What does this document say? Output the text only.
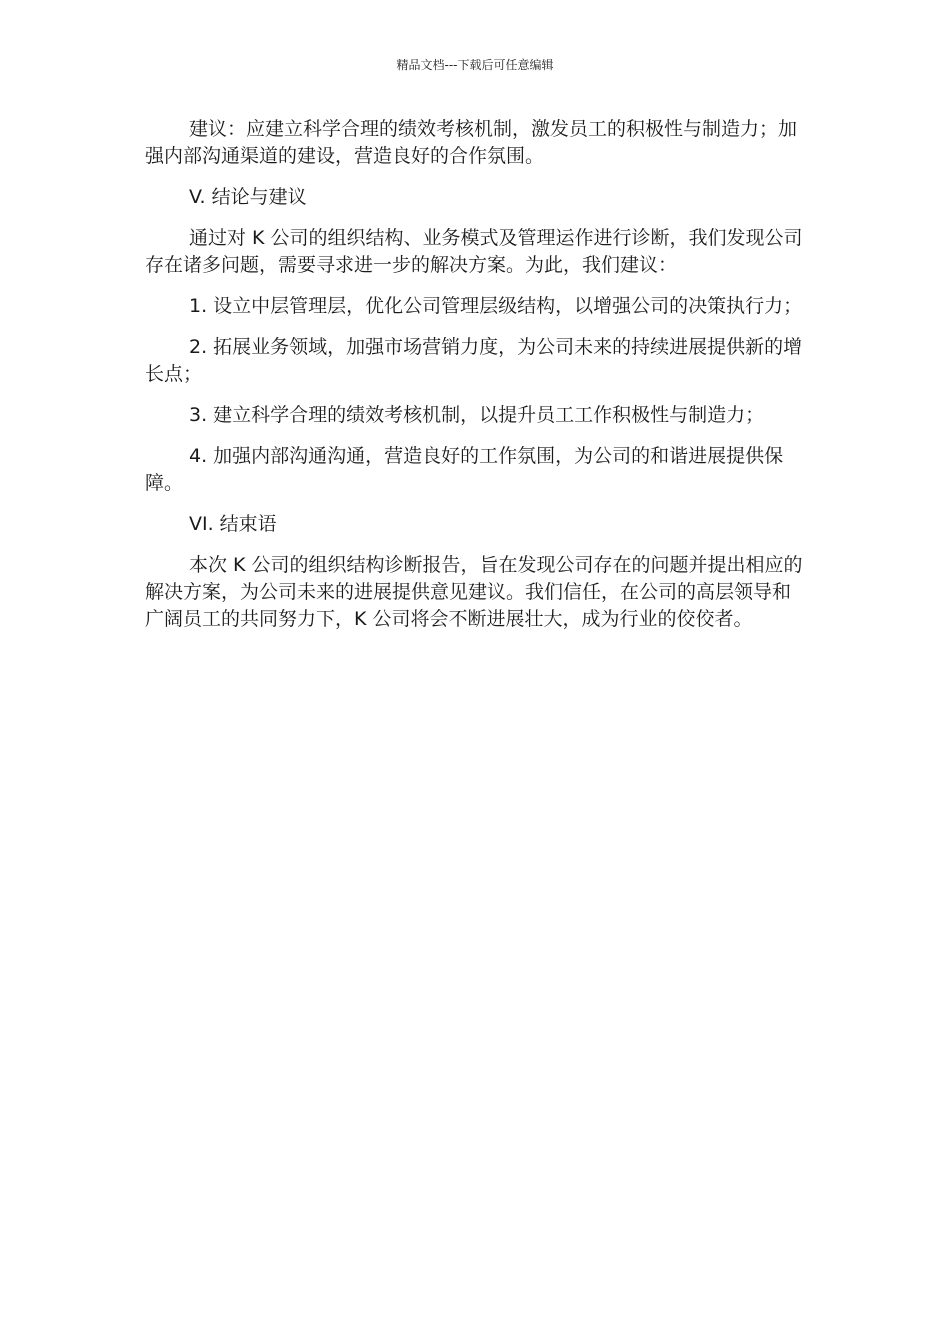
精品文档---下载后可任意编辑

建议：应建立科学合理的绩效考核机制，激发员工的积极性与制造力；加强内部沟通渠道的建设，营造良好的合作氛围。

V. 结论与建议

通过对 K 公司的组织结构、业务模式及管理运作进行诊断，我们发现公司存在诸多问题，需要寻求进一步的解决方案。为此，我们建议：

1. 设立中层管理层，优化公司管理层级结构，以增强公司的决策执行力；

2. 拓展业务领域，加强市场营销力度，为公司未来的持续进展提供新的增长点；

3. 建立科学合理的绩效考核机制，以提升员工工作积极性与制造力；

4. 加强内部沟通沟通，营造良好的工作氛围，为公司的和谐进展提供保障。

VI. 结束语

本次 K 公司的组织结构诊断报告，旨在发现公司存在的问题并提出相应的解决方案，为公司未来的进展提供意见建议。我们信任，在公司的高层领导和广阔员工的共同努力下，K 公司将会不断进展壮大，成为行业的佼佼者。
